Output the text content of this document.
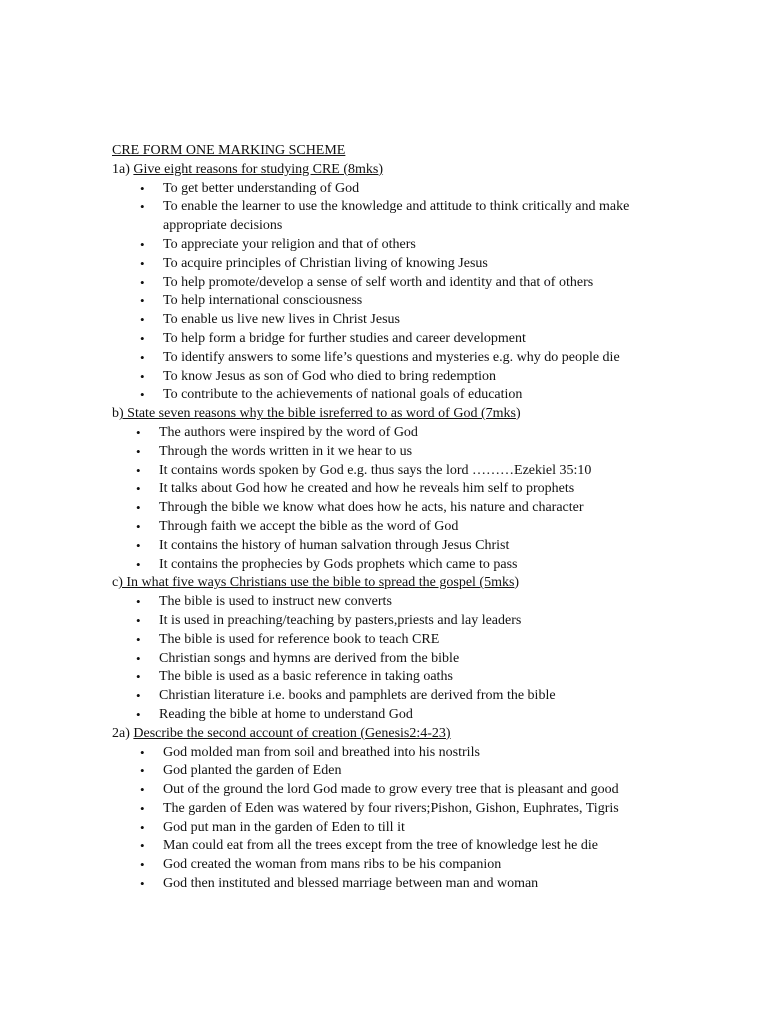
CRE FORM ONE MARKING SCHEME
1a) Give eight reasons for studying CRE (8mks)
• To get better understanding of God
• To enable the learner to use the knowledge and attitude to think critically and make appropriate decisions
• To appreciate your religion and that of others
• To acquire principles of Christian living of knowing Jesus
• To help promote/develop a sense of self worth and identity and that of others
• To help international consciousness
• To enable us live new lives in Christ Jesus
• To help form a bridge for further studies and career development
• To identify answers to some life’s questions and mysteries e.g. why do people die
• To know Jesus as son of God who died to bring redemption
• To contribute to the achievements of national goals of education
b) State seven reasons why the bible isreferred to as word of God (7mks)
• The authors were inspired by the word of God
• Through the words written in it we hear to us
• It contains words spoken by God e.g. thus says the lord ………Ezekiel 35:10
• It talks about God how he created and how he reveals him self to prophets
• Through the bible we know what does how he acts, his nature and character
• Through faith we accept the bible as the word of God
• It contains the history of human salvation through Jesus Christ
• It contains the prophecies by Gods prophets which came to pass
c) In what five ways Christians use the bible to spread the gospel (5mks)
• The bible is used to instruct new converts
• It is used in preaching/teaching by pasters,priests and lay leaders
• The bible is used for reference book to teach CRE
• Christian songs and hymns are derived from the bible
• The bible is used as a basic reference in taking oaths
• Christian literature i.e. books and pamphlets are derived from the bible
• Reading the bible at home to understand God
2a) Describe the second account of creation (Genesis2:4-23)
• God molded man from soil and breathed into his nostrils
• God planted the garden of Eden
• Out of the ground the lord God made to grow every tree that is pleasant and good
• The garden of Eden was watered by four rivers;Pishon, Gishon, Euphrates, Tigris
• God put man in the garden of Eden to till it
• Man could eat from all the trees except from the tree of knowledge lest he die
• God created the woman from mans ribs to be his companion
• God then instituted and blessed marriage between man and woman
